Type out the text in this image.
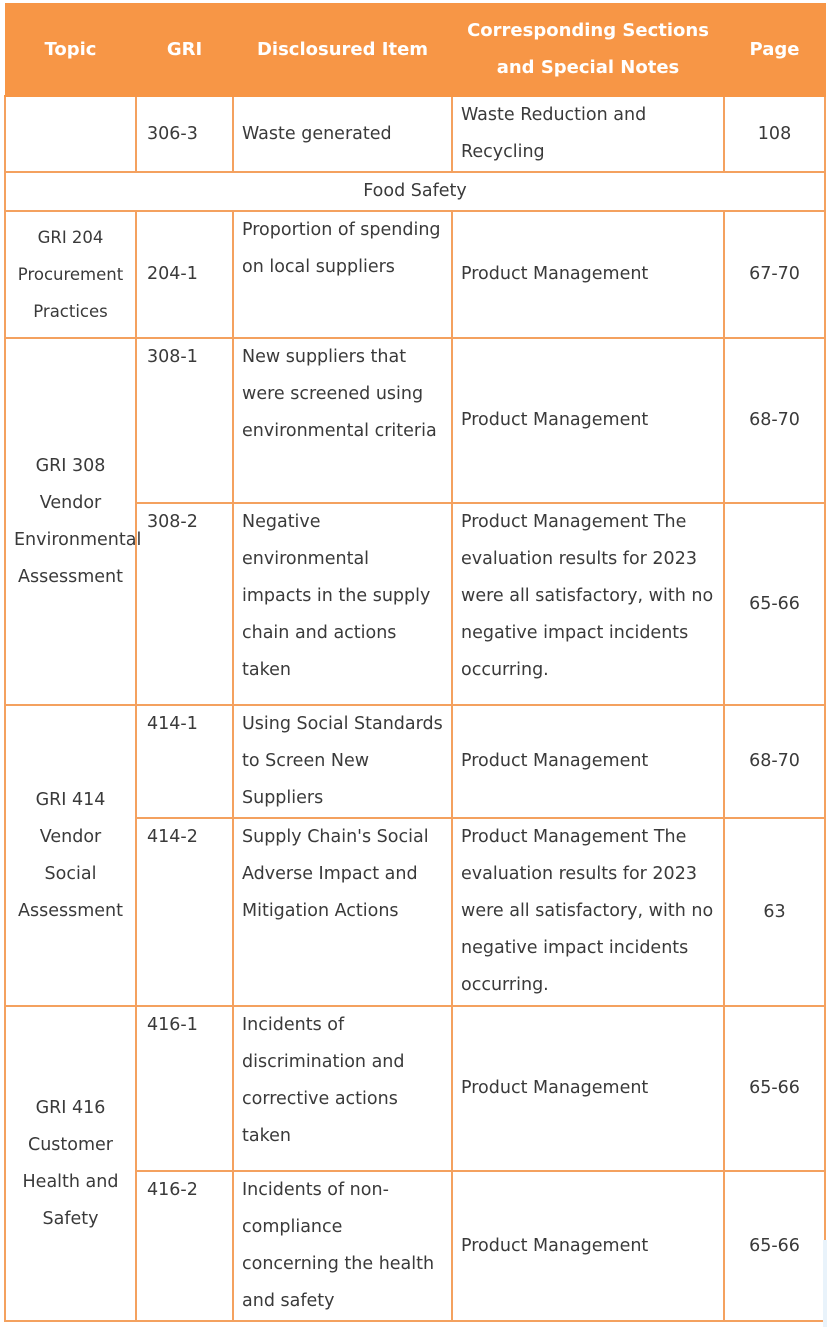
Topic	GRI	Disclosured Item	Corresponding Sections and Special Notes	Page
	306-3	Waste generated	Waste Reduction and Recycling	108
Food Safety				
GRI 204 Procurement Practices	204-1	Proportion of spending on local suppliers	Product Management	67-70
GRI 308 Vendor Environmental Assessment	308-1	New suppliers that were screened using environmental criteria	Product Management	68-70
	308-2	Negative environmental impacts in the supply chain and actions taken	Product Management The evaluation results for 2023 were all satisfactory, with no negative impact incidents occurring.	65-66
GRI 414 Vendor Social Assessment	414-1	Using Social Standards to Screen New Suppliers	Product Management	68-70
	414-2	Supply Chain's Social Adverse Impact and Mitigation Actions	Product Management The evaluation results for 2023 were all satisfactory, with no negative impact incidents occurring.	63
GRI 416 Customer Health and Safety	416-1	Incidents of discrimination and corrective actions taken	Product Management	65-66
	416-2	Incidents of non-compliance concerning the health and safety	Product Management	65-66
